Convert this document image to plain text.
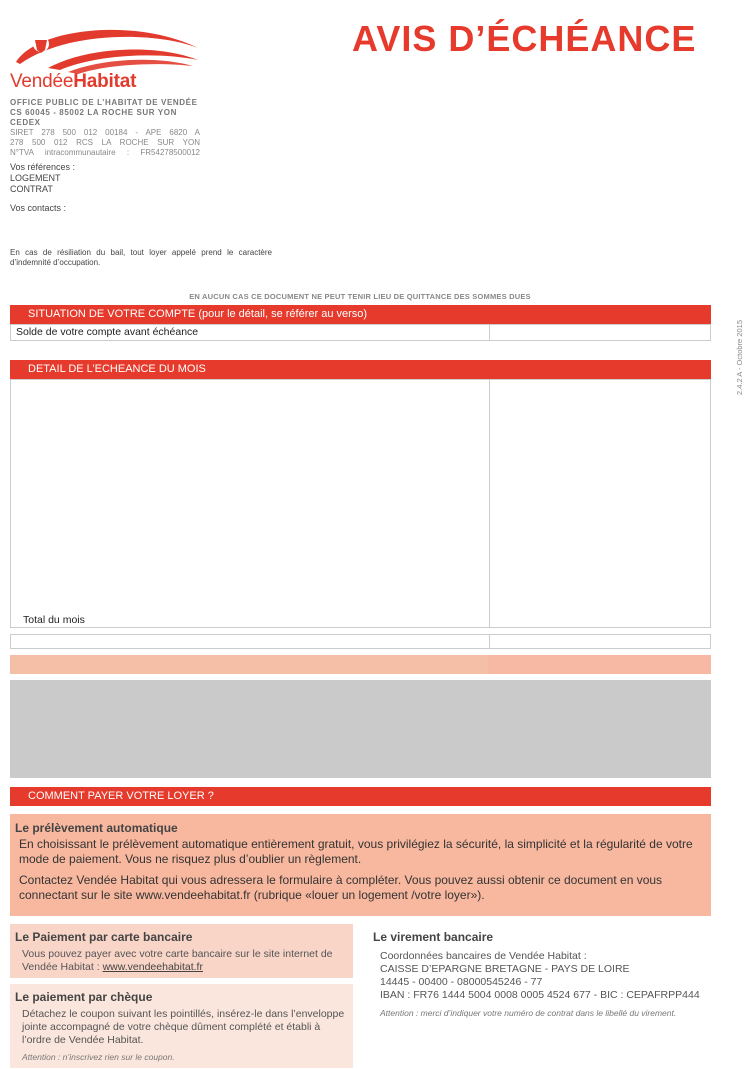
VendéeHabitat
AVIS D’ÉCHÉANCE
OFFICE PUBLIC DE L’HABITAT DE VENDÉE
CS 60045 - 85002 LA ROCHE SUR YON CEDEX
SIRET 278 500 012 00184 - APE 6820 A
278 500 012 RCS LA ROCHE SUR YON
N°TVA intracommunautaire : FR54278500012
Vos références :
LOGEMENT
CONTRAT
Vos contacts :
En cas de résiliation du bail, tout loyer appelé prend le caractère d’indemnité d’occupation.
EN AUCUN CAS CE DOCUMENT NE PEUT TENIR LIEU DE QUITTANCE DES SOMMES DUES
SITUATION DE VOTRE COMPTE (pour le détail, se référer au verso)
Solde de votre compte avant échéance
DETAIL DE L’ECHEANCE DU MOIS
Total du mois
2.4.2 A - Octobre 2015
COMMENT PAYER VOTRE LOYER ?
Le prélèvement automatique
En choisissant le prélèvement automatique entièrement gratuit, vous privilégiez la sécurité, la simplicité et la régularité de votre mode de paiement. Vous ne risquez plus d’oublier un règlement.
Contactez Vendée Habitat qui vous adressera le formulaire à compléter. Vous pouvez aussi obtenir ce document en vous connectant sur le site www.vendeehabitat.fr (rubrique «louer un logement /votre loyer»).
Le Paiement par carte bancaire
Vous pouvez payer avec votre carte bancaire sur le site internet de Vendée Habitat : www.vendeehabitat.fr
Le paiement par chèque
Détachez le coupon suivant les pointillés, insérez-le dans l’enveloppe jointe accompagné de votre chèque dûment complété et établi à l’ordre de Vendée Habitat.
Attention : n’inscrivez rien sur le coupon.
Le virement bancaire
Coordonnées bancaires de Vendée Habitat :
CAISSE D’EPARGNE BRETAGNE - PAYS DE LOIRE
14445 - 00400 - 08000545246 - 77
IBAN : FR76 1444 5004 0008 0005 4524 677 - BIC : CEPAFRPP444
Attention : merci d’indiquer votre numéro de contrat dans le libellé du virement.
